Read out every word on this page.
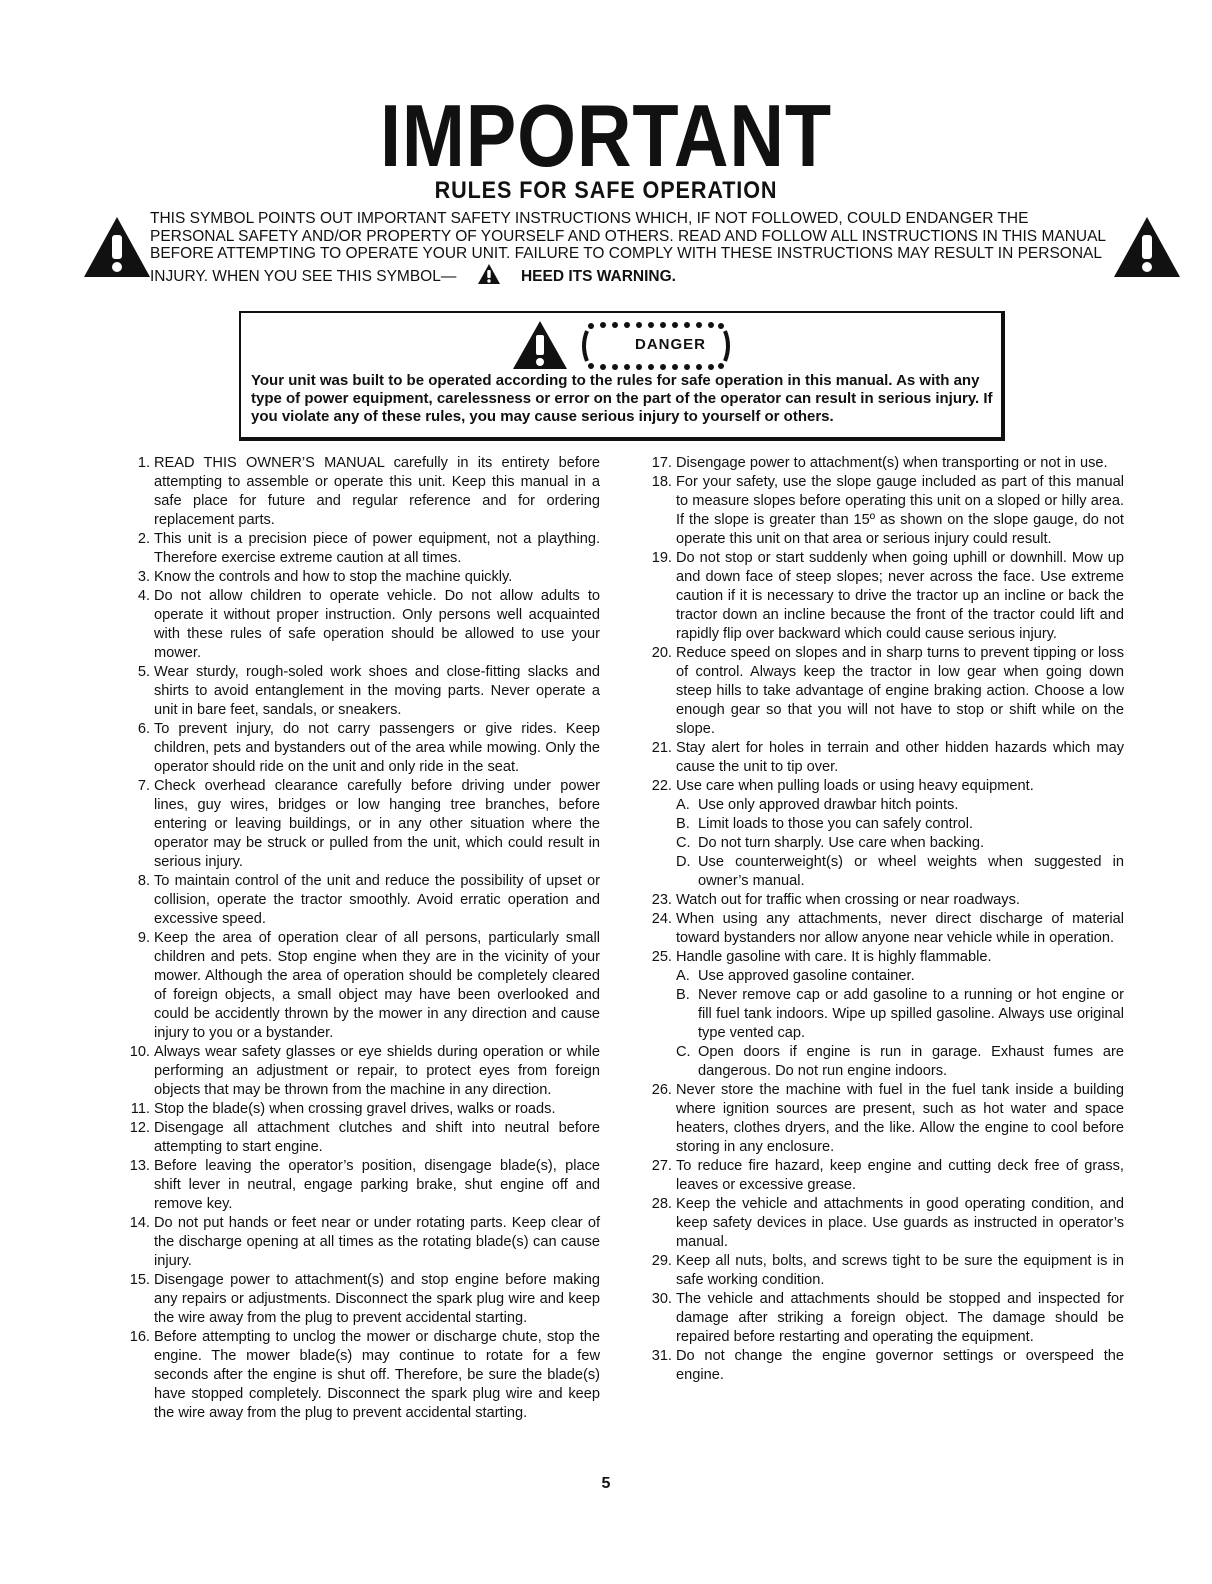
IMPORTANT
RULES FOR SAFE OPERATION

THIS SYMBOL POINTS OUT IMPORTANT SAFETY INSTRUCTIONS WHICH, IF NOT FOLLOWED, COULD ENDANGER THE PERSONAL SAFETY AND/OR PROPERTY OF YOURSELF AND OTHERS. READ AND FOLLOW ALL INSTRUCTIONS IN THIS MANUAL BEFORE ATTEMPTING TO OPERATE YOUR UNIT. FAILURE TO COMPLY WITH THESE INSTRUCTIONS MAY RESULT IN PERSONAL INJURY. WHEN YOU SEE THIS SYMBOL—	HEED ITS WARNING.

DANGER
Your unit was built to be operated according to the rules for safe operation in this manual. As with any type of power equipment, carelessness or error on the part of the operator can result in serious injury. If you violate any of these rules, you may cause serious injury to yourself or others.
1. READ THIS OWNER’S MANUAL carefully in its entirety before attempting to assemble or operate this unit. Keep this manual in a safe place for future and regular reference and for ordering replacement parts.
2. This unit is a precision piece of power equipment, not a plaything. Therefore exercise extreme caution at all times.
3. Know the controls and how to stop the machine quickly.
4. Do not allow children to operate vehicle. Do not allow adults to operate it without proper instruction. Only persons well acquainted with these rules of safe operation should be allowed to use your mower.
5. Wear sturdy, rough-soled work shoes and close-fitting slacks and shirts to avoid entanglement in the moving parts. Never operate a unit in bare feet, sandals, or sneakers.
6. To prevent injury, do not carry passengers or give rides. Keep children, pets and bystanders out of the area while mowing. Only the operator should ride on the unit and only ride in the seat.
7. Check overhead clearance carefully before driving under power lines, guy wires, bridges or low hanging tree branches, before entering or leaving buildings, or in any other situation where the operator may be struck or pulled from the unit, which could result in serious injury.
8. To maintain control of the unit and reduce the possibility of upset or collision, operate the tractor smoothly. Avoid erratic operation and excessive speed.
9. Keep the area of operation clear of all persons, particularly small children and pets. Stop engine when they are in the vicinity of your mower. Although the area of operation should be completely cleared of foreign objects, a small object may have been overlooked and could be accidently thrown by the mower in any direction and cause injury to you or a bystander.
10. Always wear safety glasses or eye shields during operation or while performing an adjustment or repair, to protect eyes from foreign objects that may be thrown from the machine in any direction.
11. Stop the blade(s) when crossing gravel drives, walks or roads.
12. Disengage all attachment clutches and shift into neutral before attempting to start engine.
13. Before leaving the operator’s position, disengage blade(s), place shift lever in neutral, engage parking brake, shut engine off and remove key.
14. Do not put hands or feet near or under rotating parts. Keep clear of the discharge opening at all times as the rotating blade(s) can cause injury.
15. Disengage power to attachment(s) and stop engine before making any repairs or adjustments. Disconnect the spark plug wire and keep the wire away from the plug to prevent accidental starting.
16. Before attempting to unclog the mower or discharge chute, stop the engine. The mower blade(s) may continue to rotate for a few seconds after the engine is shut off. Therefore, be sure the blade(s) have stopped completely. Disconnect the spark plug wire and keep the wire away from the plug to prevent accidental starting.
17. Disengage power to attachment(s) when transporting or not in use.
18. For your safety, use the slope gauge included as part of this manual to measure slopes before operating this unit on a sloped or hilly area. If the slope is greater than 15º as shown on the slope gauge, do not operate this unit on that area or serious injury could result.
19. Do not stop or start suddenly when going uphill or downhill. Mow up and down face of steep slopes; never across the face. Use extreme caution if it is necessary to drive the tractor up an incline or back the tractor down an incline because the front of the tractor could lift and rapidly flip over backward which could cause serious injury.
20. Reduce speed on slopes and in sharp turns to prevent tipping or loss of control. Always keep the tractor in low gear when going down steep hills to take advantage of engine braking action. Choose a low enough gear so that you will not have to stop or shift while on the slope.
21. Stay alert for holes in terrain and other hidden hazards which may cause the unit to tip over.
22. Use care when pulling loads or using heavy equipment.
A. Use only approved drawbar hitch points.
B. Limit loads to those you can safely control.
C. Do not turn sharply. Use care when backing.
D. Use counterweight(s) or wheel weights when suggested in owner’s manual.
23. Watch out for traffic when crossing or near roadways.
24. When using any attachments, never direct discharge of material toward bystanders nor allow anyone near vehicle while in operation.
25. Handle gasoline with care. It is highly flammable.
A. Use approved gasoline container.
B. Never remove cap or add gasoline to a running or hot engine or fill fuel tank indoors. Wipe up spilled gasoline. Always use original type vented cap.
C. Open doors if engine is run in garage. Exhaust fumes are dangerous. Do not run engine indoors.
26. Never store the machine with fuel in the fuel tank inside a building where ignition sources are present, such as hot water and space heaters, clothes dryers, and the like. Allow the engine to cool before storing in any enclosure.
27. To reduce fire hazard, keep engine and cutting deck free of grass, leaves or excessive grease.
28. Keep the vehicle and attachments in good operating condition, and keep safety devices in place. Use guards as instructed in operator’s manual.
29. Keep all nuts, bolts, and screws tight to be sure the equipment is in safe working condition.
30. The vehicle and attachments should be stopped and inspected for damage after striking a foreign object. The damage should be repaired before restarting and operating the equipment.
31. Do not change the engine governor settings or overspeed the engine.
5
